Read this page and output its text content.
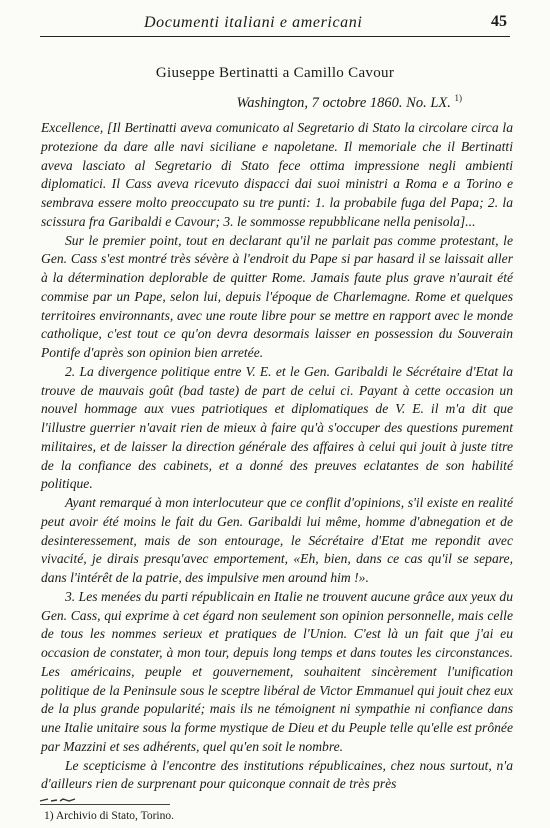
Documenti italiani e americani	45
Giuseppe Bertinatti a Camillo Cavour
Washington, 7 octobre 1860. No. LX. $^{1)}$

Excellence, [Il Bertinatti aveva comunicato al Segretario di Stato la circolare circa la protezione da dare alle navi siciliane e napoletane. Il memoriale che il Bertinatti aveva lasciato al Segretario di Stato fece ottima impressione negli ambienti diplomatici. Il Cass aveva ricevuto dispacci dai suoi ministri a Roma e a Torino e sembrava essere molto preoccupato su tre punti: 1. la probabile fuga del Papa; 2. la scissura fra Garibaldi e Cavour; 3. le sommosse repubblicane nella penisola]...

Sur le premier point, tout en declarant qu'il ne parlait pas comme protestant, le Gen. Cass s'est montré très sévère à l'endroit du Pape si par hasard il se laissait aller à la détermination deplorable de quitter Rome. Jamais faute plus grave n'aurait été commise par un Pape, selon lui, depuis l'époque de Charlemagne. Rome et quelques territoires environnants, avec une route libre pour se mettre en rapport avec le monde catholique, c'est tout ce qu'on devra desormais laisser en possession du Souverain Pontife d'après son opinion bien arretée.

2. La divergence politique entre V. E. et le Gen. Garibaldi le Sécrétaire d'Etat la trouve de mauvais goût (bad taste) de part de celui ci. Payant à cette occasion un nouvel hommage aux vues patriotiques et diplomatiques de V. E. il m'a dit que l'illustre guerrier n'avait rien de mieux à faire qu'à s'occuper des questions purement militaires, et de laisser la direction générale des affaires à celui qui jouit à juste titre de la confiance des cabinets, et a donné des preuves eclatantes de son habilité politique.

Ayant remarqué à mon interlocuteur que ce conflit d'opinions, s'il existe en realité peut avoir été moins le fait du Gen. Garibaldi lui même, homme d'abnegation et de desinteressement, mais de son entourage, le Sécrétaire d'Etat me repondit avec vivacité, je dirais presqu'avec emportement, «Eh, bien, dans ce cas qu'il se separe, dans l'intérêt de la patrie, des impulsive men around him !».

3. Les menées du parti républicain en Italie ne trouvent aucune grâce aux yeux du Gen. Cass, qui exprime à cet égard non seulement son opinion personnelle, mais celle de tous les nommes serieux et pratiques de l'Union. C'est là un fait que j'ai eu occasion de constater, à mon tour, depuis long temps et dans toutes les circonstances. Les américains, peuple et gouvernement, souhaitent sincèrement l'unification politique de la Peninsule sous le sceptre libéral de Victor Emmanuel qui jouit chez eux de la plus grande popularité; mais ils ne témoignent ni sympathie ni confiance dans une Italie unitaire sous la forme mystique de Dieu et du Peuple telle qu'elle est prônée par Mazzini et ses adhérents, quel qu'en soit le nombre.

Le scepticisme à l'encontre des institutions républicaines, chez nous surtout, n'a d'ailleurs rien de surprenant pour quiconque connait de très près

1) Archivio di Stato, Torino.
